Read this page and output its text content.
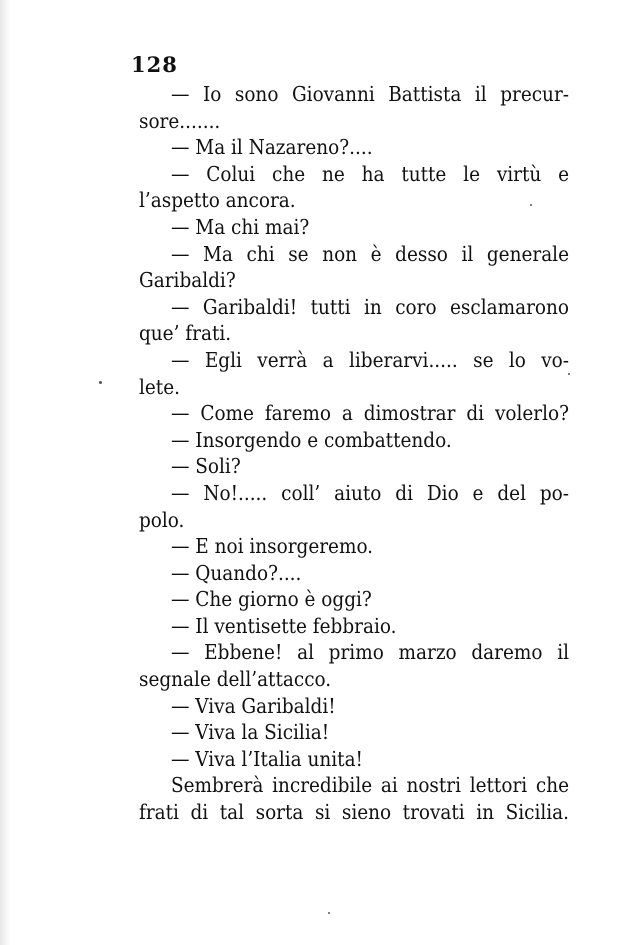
128
— Io sono Giovanni Battista il precur-
sore.......
— Ma il Nazareno?....
— Colui che ne ha tutte le virtù e
l’aspetto ancora.
— Ma chi mai?
— Ma chi se non è desso il generale
Garibaldi?
— Garibaldi! tutti in coro esclamarono
que’ frati.
— Egli verrà a liberarvi..... se lo vo-
lete.
— Come faremo a dimostrar di volerlo?
— Insorgendo e combattendo.
— Soli?
— No!..... coll’ aiuto di Dio e del po-
polo.
— E noi insorgeremo.
— Quando?....
— Che giorno è oggi?
— Il ventisette febbraio.
— Ebbene! al primo marzo daremo il
segnale dell’attacco.
— Viva Garibaldi!
— Viva la Sicilia!
— Viva l’Italia unita!
Sembrerà incredibile ai nostri lettori che
frati di tal sorta si sieno trovati in Sicilia.
